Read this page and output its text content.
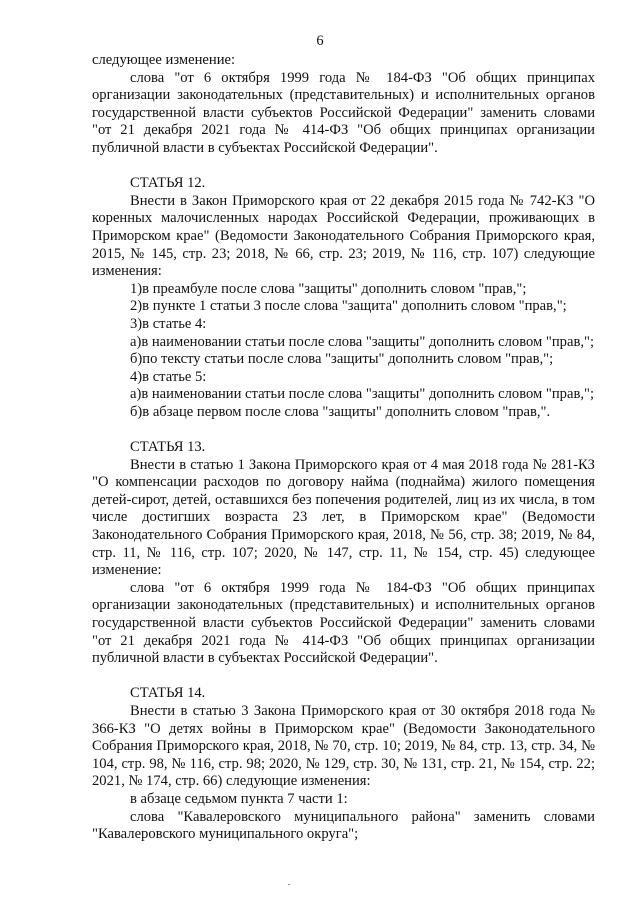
6

следующее изменение:

слова "от 6 октября 1999 года № 184-ФЗ "Об общих принципах организации законодательных (представительных) и исполнительных органов государственной власти субъектов Российской Федерации" заменить словами "от 21 декабря 2021 года № 414-ФЗ "Об общих принципах организации публичной власти в субъектах Российской Федерации".

СТАТЬЯ 12.

Внести в Закон Приморского края от 22 декабря 2015 года № 742-КЗ "О коренных малочисленных народах Российской Федерации, проживающих в Приморском крае" (Ведомости Законодательного Собрания Приморского края, 2015, № 145, стр. 23; 2018, № 66, стр. 23; 2019, № 116, стр. 107) следующие изменения:

1)в преамбуле после слова "защиты" дополнить словом "прав,";

2)в пункте 1 статьи 3 после слова "защита" дополнить словом "прав,";

3)в статье 4:

а)в наименовании статьи после слова "защиты" дополнить словом "прав,";

б)по тексту статьи после слова "защиты" дополнить словом "прав,";

4)в статье 5:

а)в наименовании статьи после слова "защиты" дополнить словом "прав,";

б)в абзаце первом после слова "защиты" дополнить словом "прав,".

СТАТЬЯ 13.

Внести в статью 1 Закона Приморского края от 4 мая 2018 года № 281-КЗ "О компенсации расходов по договору найма (поднайма) жилого помещения детей-сирот, детей, оставшихся без попечения родителей, лиц из их числа, в том числе достигших возраста 23 лет, в Приморском крае" (Ведомости Законодательного Собрания Приморского края, 2018, № 56, стр. 38; 2019, № 84, стр. 11, № 116, стр. 107; 2020, № 147, стр. 11, № 154, стр. 45) следующее изменение:

слова "от 6 октября 1999 года № 184-ФЗ "Об общих принципах организации законодательных (представительных) и исполнительных органов государственной власти субъектов Российской Федерации" заменить словами "от 21 декабря 2021 года № 414-ФЗ "Об общих принципах организации публичной власти в субъектах Российской Федерации".

СТАТЬЯ 14.

Внести в статью 3 Закона Приморского края от 30 октября 2018 года № 366-КЗ "О детях войны в Приморском крае" (Ведомости Законодательного Собрания Приморского края, 2018, № 70, стр. 10; 2019, № 84, стр. 13, стр. 34, № 104, стр. 98, № 116, стр. 98; 2020, № 129, стр. 30, № 131, стр. 21, № 154, стр. 22; 2021, № 174, стр. 66) следующие изменения:

в абзаце седьмом пункта 7 части 1:

слова "Кавалеровского муниципального района" заменить словами "Кавалеровского муниципального округа";
